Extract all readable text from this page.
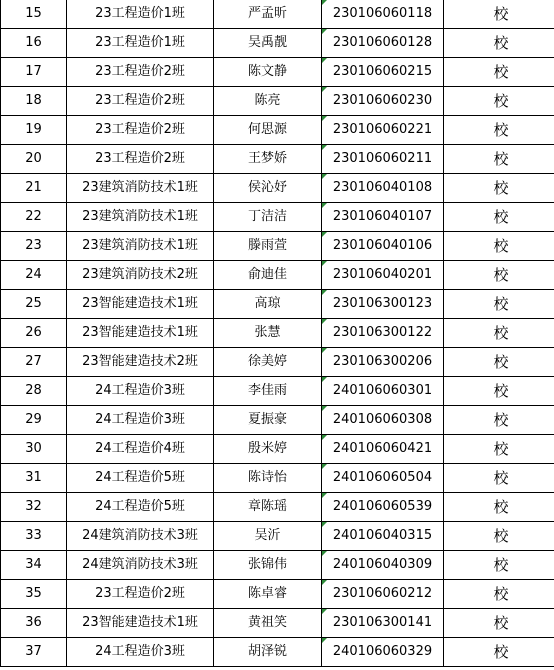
15	23工程造价1班	严孟昕	230106060118	校
16	23工程造价1班	吴禹靓	230106060128	校
17	23工程造价2班	陈文静	230106060215	校
18	23工程造价2班	陈亮	230106060230	校
19	23工程造价2班	何思源	230106060221	校
20	23工程造价2班	王梦娇	230106060211	校
21	23建筑消防技术1班	侯沁妤	230106040108	校
22	23建筑消防技术1班	丁洁洁	230106040107	校
23	23建筑消防技术1班	滕雨萱	230106040106	校
24	23建筑消防技术2班	俞迪佳	230106040201	校
25	23智能建造技术1班	高琼	230106300123	校
26	23智能建造技术1班	张慧	230106300122	校
27	23智能建造技术2班	徐美婷	230106300206	校
28	24工程造价3班	李佳雨	240106060301	校
29	24工程造价3班	夏振豪	240106060308	校
30	24工程造价4班	殷米婷	240106060421	校
31	24工程造价5班	陈诗怡	240106060504	校
32	24工程造价5班	章陈瑶	240106060539	校
33	24建筑消防技术3班	吴沂	240106040315	校
34	24建筑消防技术3班	张锦伟	240106040309	校
35	23工程造价2班	陈卓睿	230106060212	校
36	23智能建造技术1班	黄祖笑	230106300141	校
37	24工程造价3班	胡泽锐	240106060329	校
